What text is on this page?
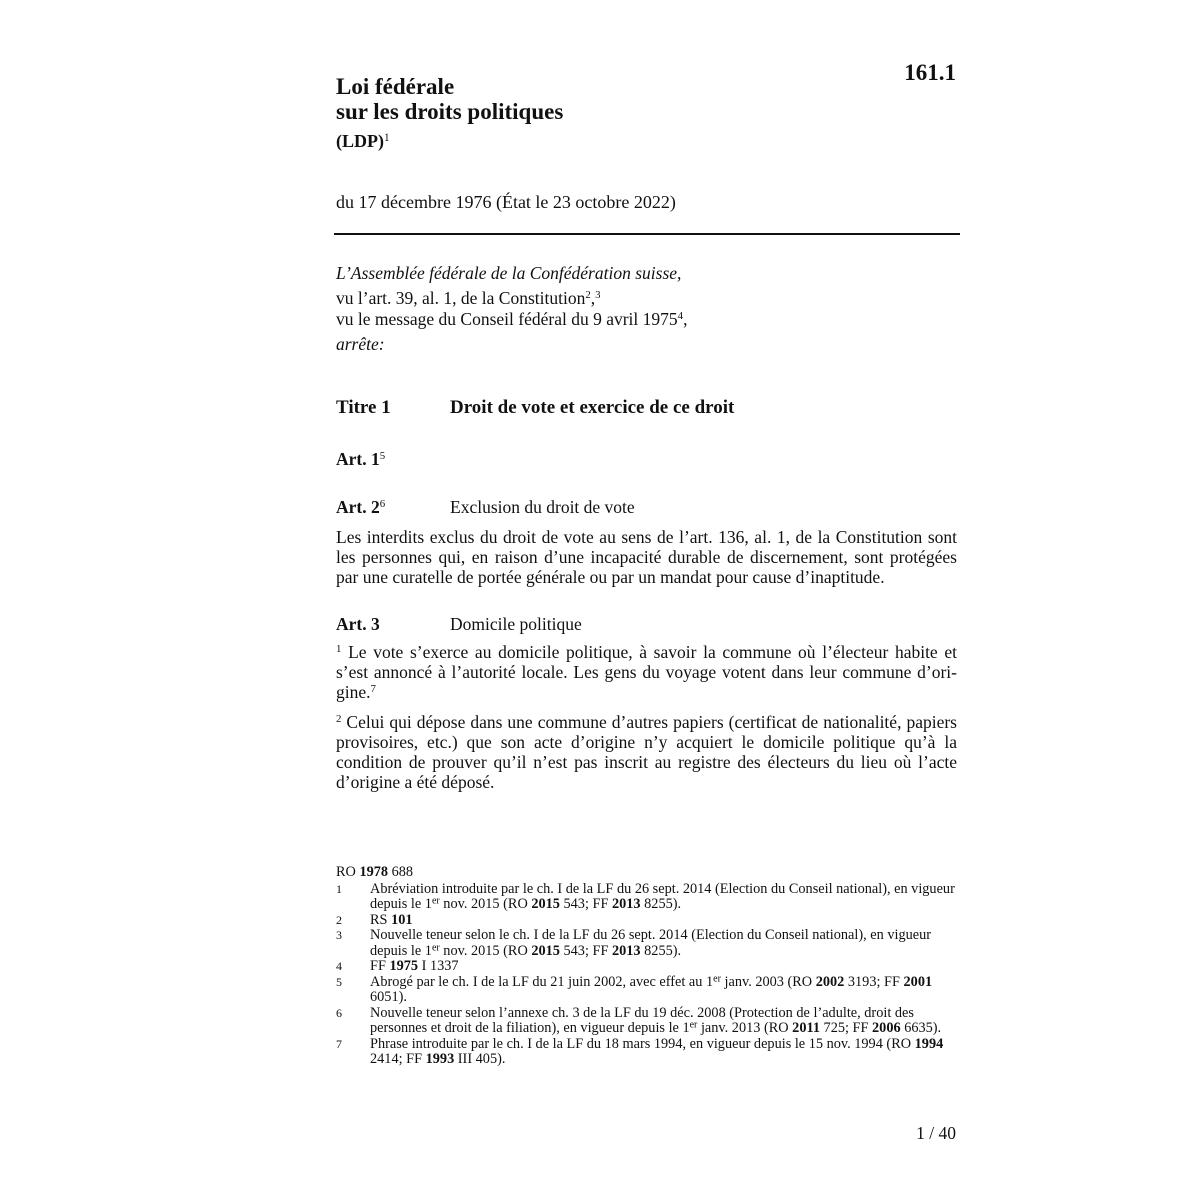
161.1
Loi fédérale
sur les droits politiques
(LDP)$^1$
du 17 décembre 1976 (État le 23 octobre 2022)
L’Assemblée fédérale de la Confédération suisse,
vu l’art. 39, al. 1, de la Constitution$^2$,$^3$
vu le message du Conseil fédéral du 9 avril 1975$^4$,
arrête:
Titre 1	Droit de vote et exercice de ce droit
Art. $1^5$
Art. $2^6$	Exclusion du droit de vote
Les interdits exclus du droit de vote au sens de l’art. 136, al. 1, de la Constitution sont les personnes qui, en raison d’une incapacité durable de discernement, sont protégées par une curatelle de portée générale ou par un mandat pour cause d’inaptitude.
Art. 3	Domicile politique
$^1$ Le vote s’exerce au domicile politique, à savoir la commune où l’électeur habite et s’est annoncé à l’autorité locale. Les gens du voyage votent dans leur commune d’origine.$^7$
$^2$ Celui qui dépose dans une commune d’autres papiers (certificat de nationalité, papiers provisoires, etc.) que son acte d’origine n’y acquiert le domicile politique qu’à la condition de prouver qu’il n’est pas inscrit au registre des électeurs du lieu où l’acte d’origine a été déposé.
RO 1978 688
1	Abréviation introduite par le ch. I de la LF du 26 sept. 2014 (Election du Conseil national), en vigueur depuis le 1er nov. 2015 (RO 2015 543; FF 2013 8255).
2	RS 101
3	Nouvelle teneur selon le ch. I de la LF du 26 sept. 2014 (Election du Conseil national), en vigueur depuis le 1er nov. 2015 (RO 2015 543; FF 2013 8255).
4	FF 1975 I 1337
5	Abrogé par le ch. I de la LF du 21 juin 2002, avec effet au 1er janv. 2003 (RO 2002 3193; FF 2001 6051).
6	Nouvelle teneur selon l’annexe ch. 3 de la LF du 19 déc. 2008 (Protection de l’adulte, droit des personnes et droit de la filiation), en vigueur depuis le 1er janv. 2013 (RO 2011 725; FF 2006 6635).
7	Phrase introduite par le ch. I de la LF du 18 mars 1994, en vigueur depuis le 15 nov. 1994 (RO 1994 2414; FF 1993 III 405).
1 / 40
